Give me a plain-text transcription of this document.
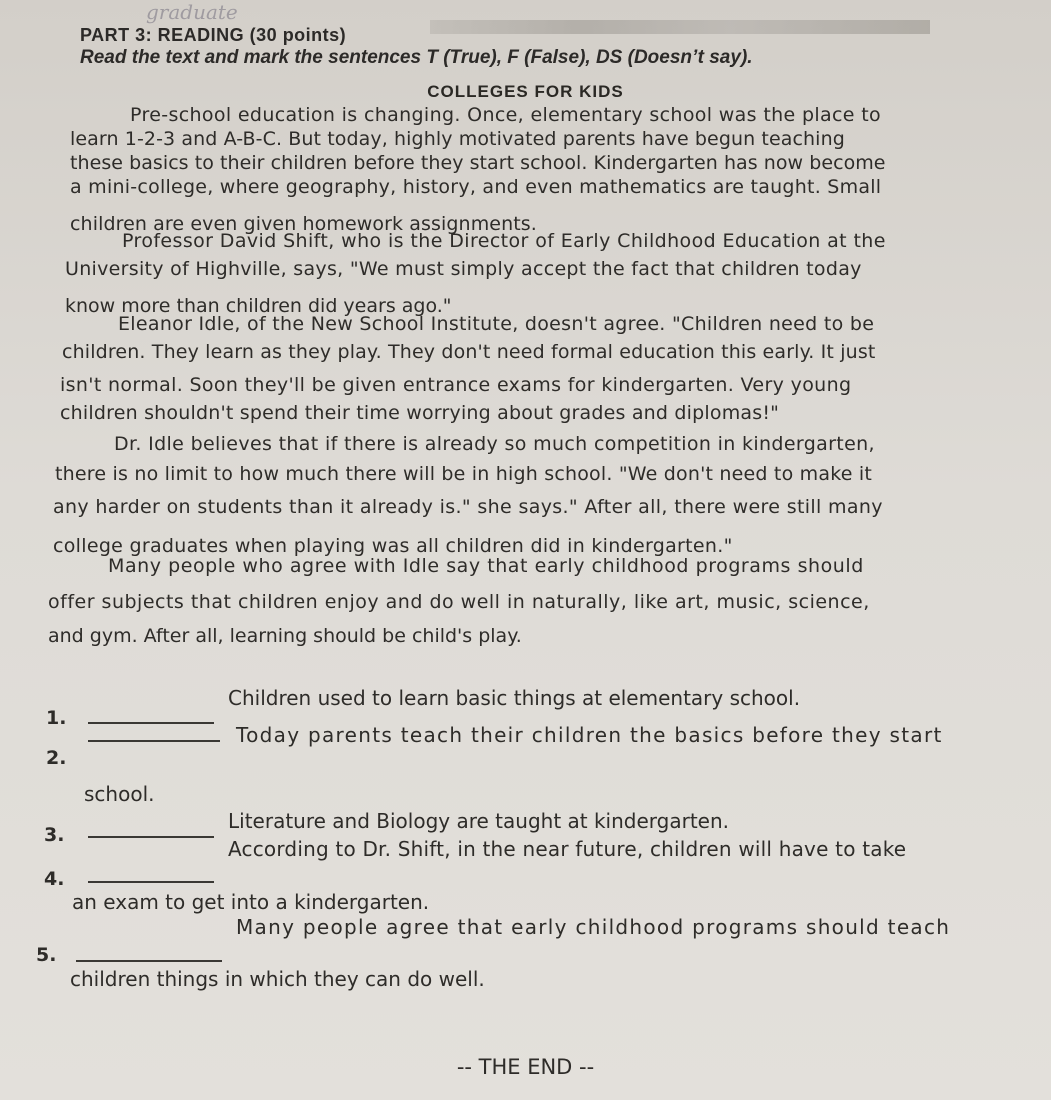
graduate
PART 3: READING (30 points)
Read the text and mark the sentences T (True), F (False), DS (Doesn’t say).
COLLEGES FOR KIDS
Pre-school education is changing. Once, elementary school was the place to
learn 1-2-3 and A-B-C. But today, highly motivated parents have begun teaching
these basics to their children before they start school. Kindergarten has now become
a mini-college, where geography, history, and even mathematics are taught. Small
children are even given homework assignments.
Professor David Shift, who is the Director of Early Childhood Education at the
University of Highville, says, "We must simply accept the fact that children today
know more than children did years ago."
Eleanor Idle, of the New School Institute, doesn't agree. "Children need to be
children. They learn as they play. They don't need formal education this early. It just
isn't normal. Soon they'll be given entrance exams for kindergarten. Very young
children shouldn't spend their time worrying about grades and diplomas!"
Dr. Idle believes that if there is already so much competition in kindergarten,
there is no limit to how much there will be in high school. "We don't need to make it
any harder on students than it already is." she says." After all, there were still many
college graduates when playing was all children did in kindergarten."
Many people who agree with Idle say that early childhood programs should
offer subjects that children enjoy and do well in naturally, like art, music, science,
and gym. After all, learning should be child's play.
1.
Children used to learn basic things at elementary school.
2.
Today parents teach their children the basics before they start
school.
3.
Literature and Biology are taught at kindergarten.
4.
According to Dr. Shift, in the near future, children will have to take
an exam to get into a kindergarten.
5.
Many people agree that early childhood programs should teach
children things in which they can do well.
-- THE END --
